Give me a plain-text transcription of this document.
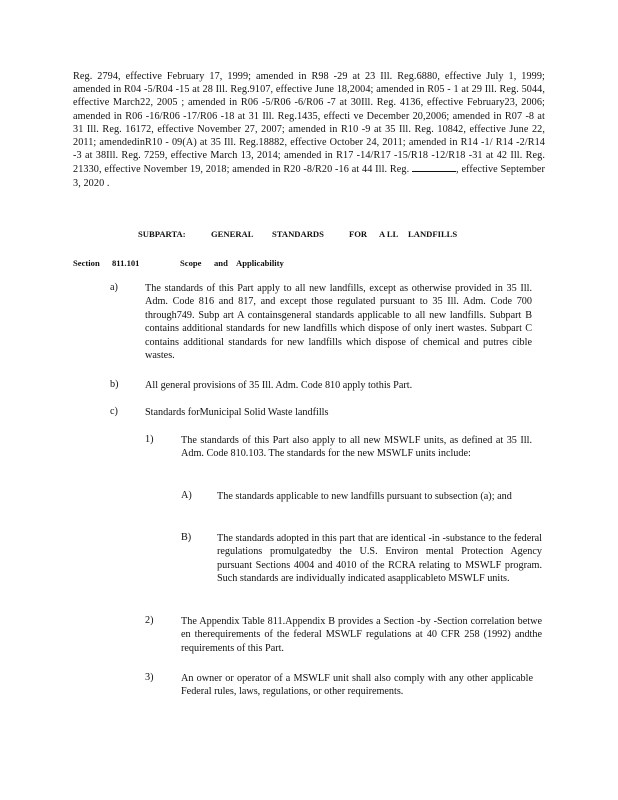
Reg. 2794, effective February 17, 1999; amended in R98 -29 at 23 Ill. Reg.6880, effective July 1, 1999; amended in R04 -5/R04 -15 at 28 Ill. Reg.9107, effective June 18,2004; amended in R05 - 1 at 29 Ill. Reg. 5044, effective March22, 2005 ; amended in R06 -5/R06 -6/R06 -7 at 30Ill. Reg. 4136, effective February23, 2006; amended in R06 -16/R06 -17/R06 -18 at 31 Ill. Reg.1435, effecti ve December 20,2006; amended in R07 -8 at 31 Ill. Reg. 16172, effective November 27, 2007; amended in R10 -9 at 35 Ill. Reg. 10842, effective June 22, 2011; amendedinR10 - 09(A) at 35 Ill. Reg.18882, effective October 24, 2011; amended in R14 -1/ R14 -2/R14 -3 at 38Ill. Reg. 7259, effective March 13, 2014; amended in R17 -14/R17 -15/R18 -12/R18 -31 at 42 Ill. Reg. 21330, effective November 19, 2018; amended in R20 -8/R20 -16 at 44 Ill. Reg.	, effective September 3, 2020 .
SUBPARTA:	GENERAL STANDARDS	FOR A LL LANDFILLS
Section 811.101	Scope and Applicability
a)	The standards of this Part apply to all new landfills, except as otherwise provided in 35 Ill. Adm. Code 816 and 817, and except those regulated pursuant to 35 Ill. Adm. Code 700 through749. Subp art A containsgeneral standards applicable to all new landfills. Subpart B contains additional standards for new landfills which dispose of only inert wastes. Subpart C contains additional standards for new landfills which dispose of chemical and putres cible wastes.
b)	All general provisions of 35 Ill. Adm. Code 810 apply tothis Part.
c)	Standards forMunicipal Solid Waste landfills
1)	The standards of this Part also apply to all new MSWLF units, as defined at 35 Ill. Adm. Code 810.103. The standards for the new MSWLF units include:
A) The standards applicable to new landfills pursuant to subsection (a); and
B)	The standards adopted in this part that are identical -in -substance to the federal regulations promulgatedby the U.S. Environ mental Protection Agency pursuant Sections 4004 and 4010 of the RCRA relating to MSWLF program. Such standards are individually indicated asapplicableto MSWLF units.
2)	The Appendix Table 811.Appendix B provides a Section -by -Section correlation betwe en therequirements of the federal MSWLF regulations at 40 CFR 258 (1992) andthe requirements of this Part.
3)	An owner or operator of a MSWLF unit shall also comply with any other applicable Federal rules, laws, regulations, or other requirements.
